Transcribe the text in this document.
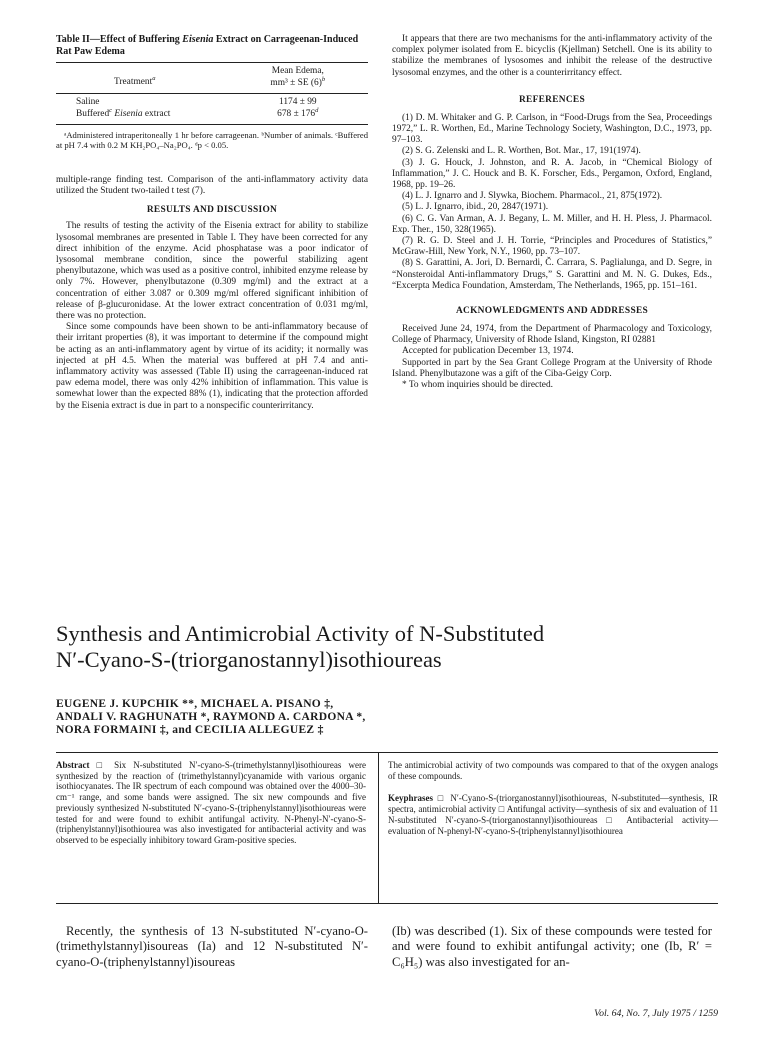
Table II—Effect of Buffering Eisenia Extract on Carrageenan-Induced Rat Paw Edema

Treatment$^a$	Mean Edema,
mm³ ± SE $(6)^b$
Saline	1174 ± 99
Buffered$^c$ Eisenia extract	$678 \pm 176^d$

ᵃAdministered intraperitoneally 1 hr before carrageenan. ᵇNumber of animals. ᶜBuffered at pH 7.4 with 0.2 M KH₂PO₄–Na₂PO₄. ᵈp < 0.05.

multiple-range finding test. Comparison of the anti-inflammatory activity data utilized the Student two-tailed t test (7).

RESULTS AND DISCUSSION

The results of testing the activity of the Eisenia extract for ability to stabilize lysosomal membranes are presented in Table I. They have been corrected for any direct inhibition of the enzyme. Acid phosphatase was a poor indicator of lysosomal membrane condition, since the powerful stabilizing agent phenylbutazone, which was used as a positive control, inhibited enzyme release by only 7%. However, phenylbutazone (0.309 mg/ml) and the extract at a concentration of either 3.087 or 0.309 mg/ml offered significant inhibition of release of β-glucuronidase. At the lower extract concentration of 0.031 mg/ml, there was no protection.

Since some compounds have been shown to be anti-inflammatory because of their irritant properties (8), it was important to determine if the compound might be acting as an anti-inflammatory agent by virtue of its acidity; it normally was injected at pH 4.5. When the material was buffered at pH 7.4 and anti-inflammatory activity was assessed (Table II) using the carrageenan-induced rat paw edema model, there was only 42% inhibition of inflammation. This value is somewhat lower than the expected 88% (1), indicating that the protection afforded by the Eisenia extract is due in part to a nonspecific counterirritancy.

It appears that there are two mechanisms for the anti-inflammatory activity of the complex polymer isolated from E. bicyclis (Kjellman) Setchell. One is its ability to stabilize the membranes of lysosomes and inhibit the release of the destructive lysosomal enzymes, and the other is a counterirritancy effect.

REFERENCES

(1) D. M. Whitaker and G. P. Carlson, in “Food-Drugs from the Sea, Proceedings 1972,” L. R. Worthen, Ed., Marine Technology Society, Washington, D.C., 1973, pp. 97–103.

(2) S. G. Zelenski and L. R. Worthen, Bot. Mar., 17, 191(1974).

(3) J. G. Houck, J. Johnston, and R. A. Jacob, in “Chemical Biology of Inflammation,” J. C. Houck and B. K. Forscher, Eds., Pergamon, Oxford, England, 1968, pp. 19–26.

(4) L. J. Ignarro and J. Slywka, Biochem. Pharmacol., 21, 875(1972).

(5) L. J. Ignarro, ibid., 20, 2847(1971).

(6) C. G. Van Arman, A. J. Begany, L. M. Miller, and H. H. Pless, J. Pharmacol. Exp. Ther., 150, 328(1965).

(7) R. G. D. Steel and J. H. Torrie, “Principles and Procedures of Statistics,” McGraw-Hill, New York, N.Y., 1960, pp. 73–107.

(8) S. Garattini, A. Jori, D. Bernardi, Č. Carrara, S. Paglialunga, and D. Segre, in “Nonsteroidal Anti-inflammatory Drugs,” S. Garattini and M. N. G. Dukes, Eds., “Excerpta Medica Foundation, Amsterdam, The Netherlands, 1965, pp. 151–161.

ACKNOWLEDGMENTS AND ADDRESSES

Received June 24, 1974, from the Department of Pharmacology and Toxicology, College of Pharmacy, University of Rhode Island, Kingston, RI 02881

Accepted for publication December 13, 1974.

Supported in part by the Sea Grant College Program at the University of Rhode Island. Phenylbutazone was a gift of the Ciba-Geigy Corp.

* To whom inquiries should be directed.

Synthesis and Antimicrobial Activity of N-Substituted
N′-Cyano-S-(triorganostannyl)isothioureas
EUGENE J. KUPCHIK **, MICHAEL A. PISANO ‡,
ANDALI V. RAGHUNATH *, RAYMOND A. CARDONA *,
NORA FORMAINI ‡, and CECILIA ALLEGUEZ ‡

Abstract □ Six N-substituted N′-cyano-S-(trimethylstannyl)isothioureas were synthesized by the reaction of (trimethylstannyl)cyanamide with various organic isothiocyanates. The IR spectrum of each compound was obtained over the 4000–30-cm⁻¹ range, and some bands were assigned. The six new compounds and five previously synthesized N-substituted N′-cyano-S-(triphenylstannyl)isothioureas were tested for and were found to exhibit antifungal activity. N-Phenyl-N′-cyano-S-(triphenylstannyl)isothiourea was also investigated for antibacterial activity and was observed to be especially inhibitory toward Gram-positive species.

The antimicrobial activity of two compounds was compared to that of the oxygen analogs of these compounds.

Keyphrases □ N′-Cyano-S-(triorganostannyl)isothioureas, N-substituted—synthesis, IR spectra, antimicrobial activity □ Antifungal activity—synthesis of six and evaluation of 11 N-substituted N′-cyano-S-(triorganostannyl)isothioureas □ Antibacterial activity—evaluation of N-phenyl-N′-cyano-S-(triphenylstannyl)isothiourea

Recently, the synthesis of 13 N-substituted N′-cyano-O-(trimethylstannyl)isoureas (Ia) and 12 N-substituted N′-cyano-O-(triphenylstannyl)isoureas

(Ib) was described (1). Six of these compounds were tested for and were found to exhibit antifungal activity; one (Ib, R′ = C₆H₅) was also investigated for an-

Vol. 64, No. 7, July 1975 / 1259
